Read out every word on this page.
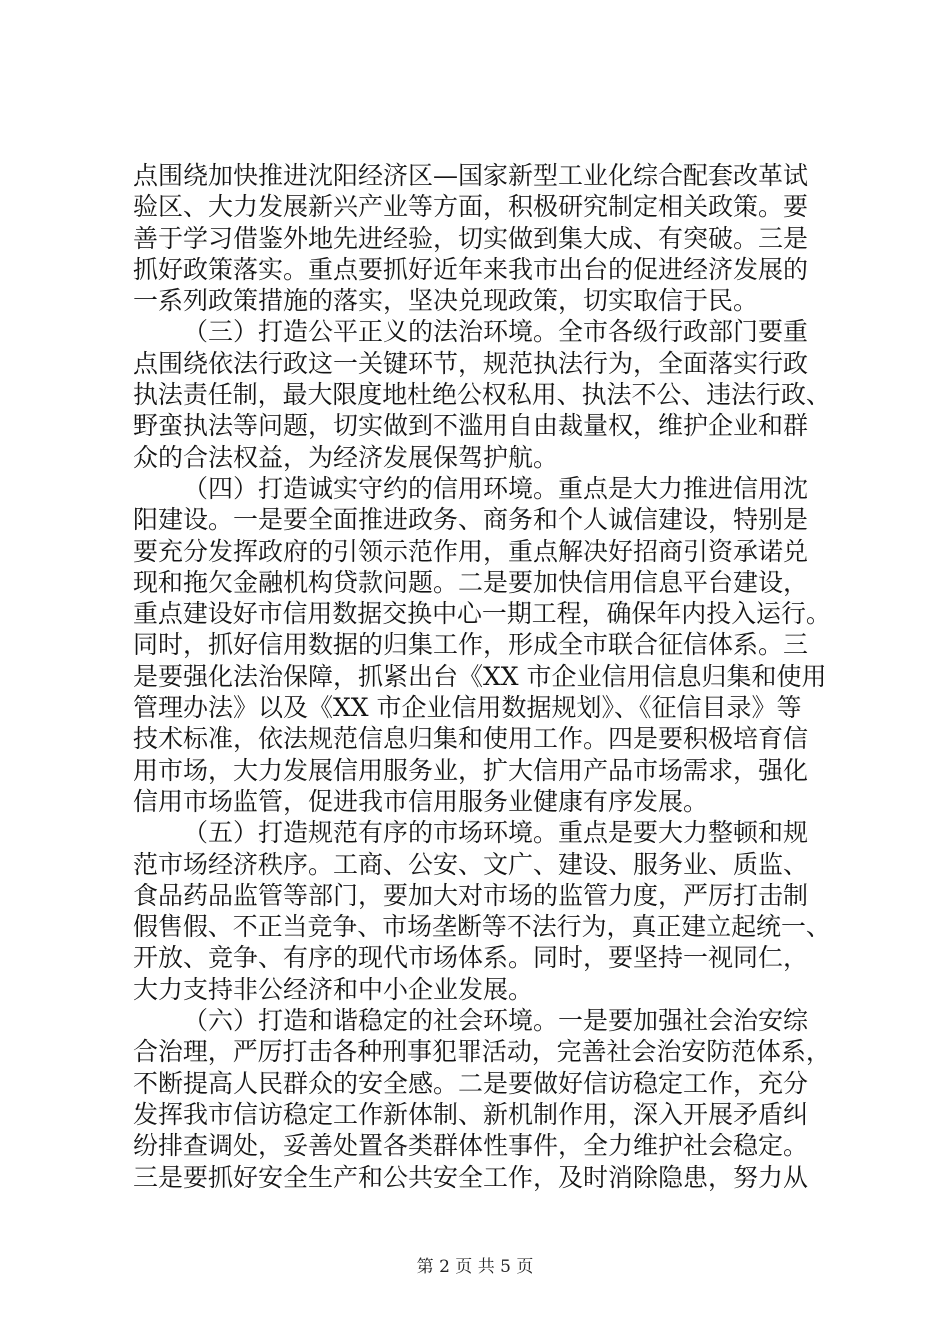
点围绕加快推进沈阳经济区—国家新型工业化综合配套改革试
验区、大力发展新兴产业等方面，积极研究制定相关政策。要
善于学习借鉴外地先进经验，切实做到集大成、有突破。三是
抓好政策落实。重点要抓好近年来我市出台的促进经济发展的
一系列政策措施的落实，坚决兑现政策，切实取信于民。
（三）打造公平正义的法治环境。全市各级行政部门要重
点围绕依法行政这一关键环节，规范执法行为，全面落实行政
执法责任制，最大限度地杜绝公权私用、执法不公、违法行政、
野蛮执法等问题，切实做到不滥用自由裁量权，维护企业和群
众的合法权益，为经济发展保驾护航。
（四）打造诚实守约的信用环境。重点是大力推进信用沈
阳建设。一是要全面推进政务、商务和个人诚信建设，特别是
要充分发挥政府的引领示范作用，重点解决好招商引资承诺兑
现和拖欠金融机构贷款问题。二是要加快信用信息平台建设，
重点建设好市信用数据交换中心一期工程，确保年内投入运行。
同时，抓好信用数据的归集工作，形成全市联合征信体系。三
是要强化法治保障，抓紧出台《XX 市企业信用信息归集和使用
管理办法》以及《XX 市企业信用数据规划》、《征信目录》等
技术标准，依法规范信息归集和使用工作。四是要积极培育信
用市场，大力发展信用服务业，扩大信用产品市场需求，强化
信用市场监管，促进我市信用服务业健康有序发展。
（五）打造规范有序的市场环境。重点是要大力整顿和规
范市场经济秩序。工商、公安、文广、建设、服务业、质监、
食品药品监管等部门，要加大对市场的监管力度，严厉打击制
假售假、不正当竞争、市场垄断等不法行为，真正建立起统一、
开放、竞争、有序的现代市场体系。同时，要坚持一视同仁，
大力支持非公经济和中小企业发展。
（六）打造和谐稳定的社会环境。一是要加强社会治安综
合治理，严厉打击各种刑事犯罪活动，完善社会治安防范体系，
不断提高人民群众的安全感。二是要做好信访稳定工作，充分
发挥我市信访稳定工作新体制、新机制作用，深入开展矛盾纠
纷排查调处，妥善处置各类群体性事件，全力维护社会稳定。
三是要抓好安全生产和公共安全工作，及时消除隐患，努力从
第 2 页 共 5 页
